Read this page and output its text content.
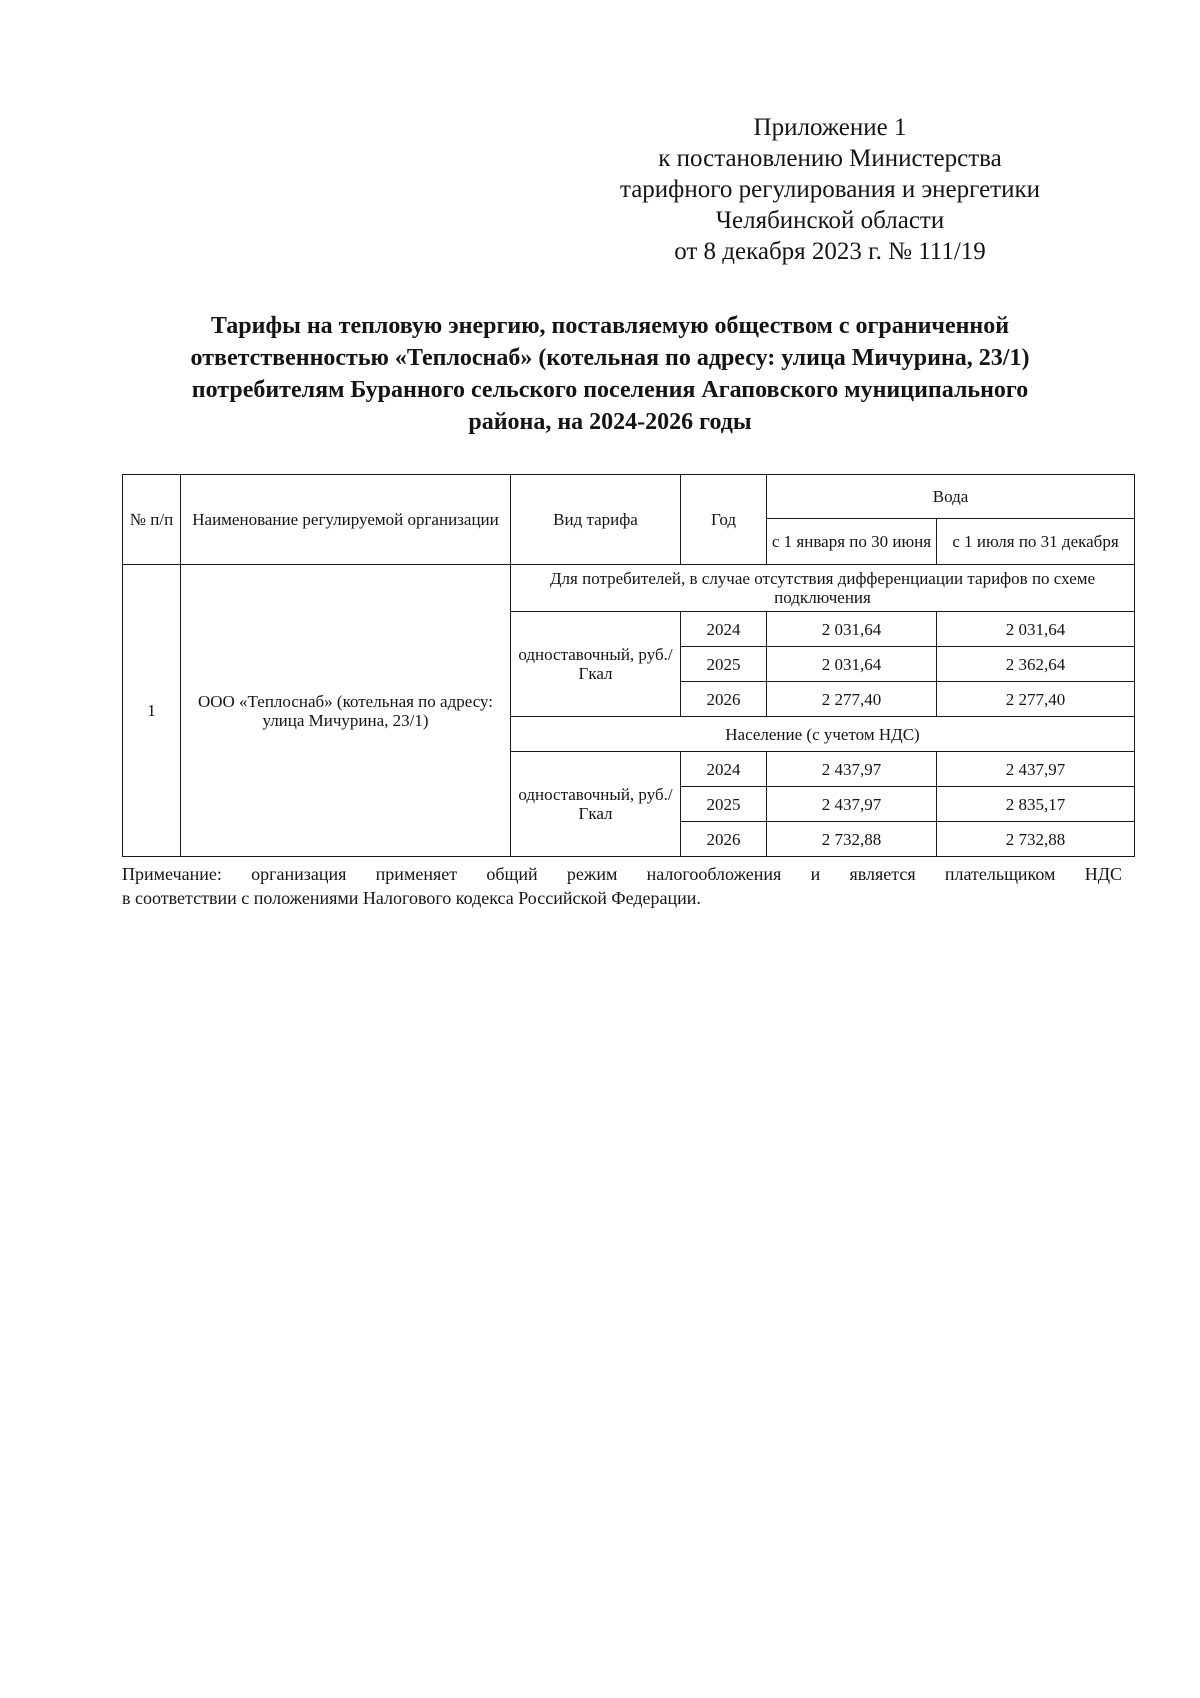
Приложение 1
к постановлению Министерства
тарифного регулирования и энергетики
Челябинской области
от 8 декабря 2023 г. № 111/19
Тарифы на тепловую энергию, поставляемую обществом с ограниченной
ответственностью «Теплоснаб» (котельная по адресу: улица Мичурина, 23/1)
потребителям Буранного сельского поселения Агаповского муниципального
района, на 2024-2026 годы
№ п/п	Наименование регулируемой организации	Вид тарифа	Год	Вода	
				с 1 января по 30 июня	с 1 июля по 31 декабря
1	ООО «Теплоснаб» (котельная по адресу: улица Мичурина, 23/1)	Для потребителей, в случае отсутствия дифференциации тарифов по схеме подключения			
		одноставочный, руб./Гкал	2024	2 031,64	2 031,64
			2025	2 031,64	2 362,64
			2026	2 277,40	2 277,40
		Население (с учетом НДС)			
		одноставочный, руб./Гкал	2024	2 437,97	2 437,97
			2025	2 437,97	2 835,17
			2026	2 732,88	2 732,88
Примечание: организация применяет общий режим налогообложения и является плательщиком НДС
в соответствии с положениями Налогового кодекса Российской Федерации.
